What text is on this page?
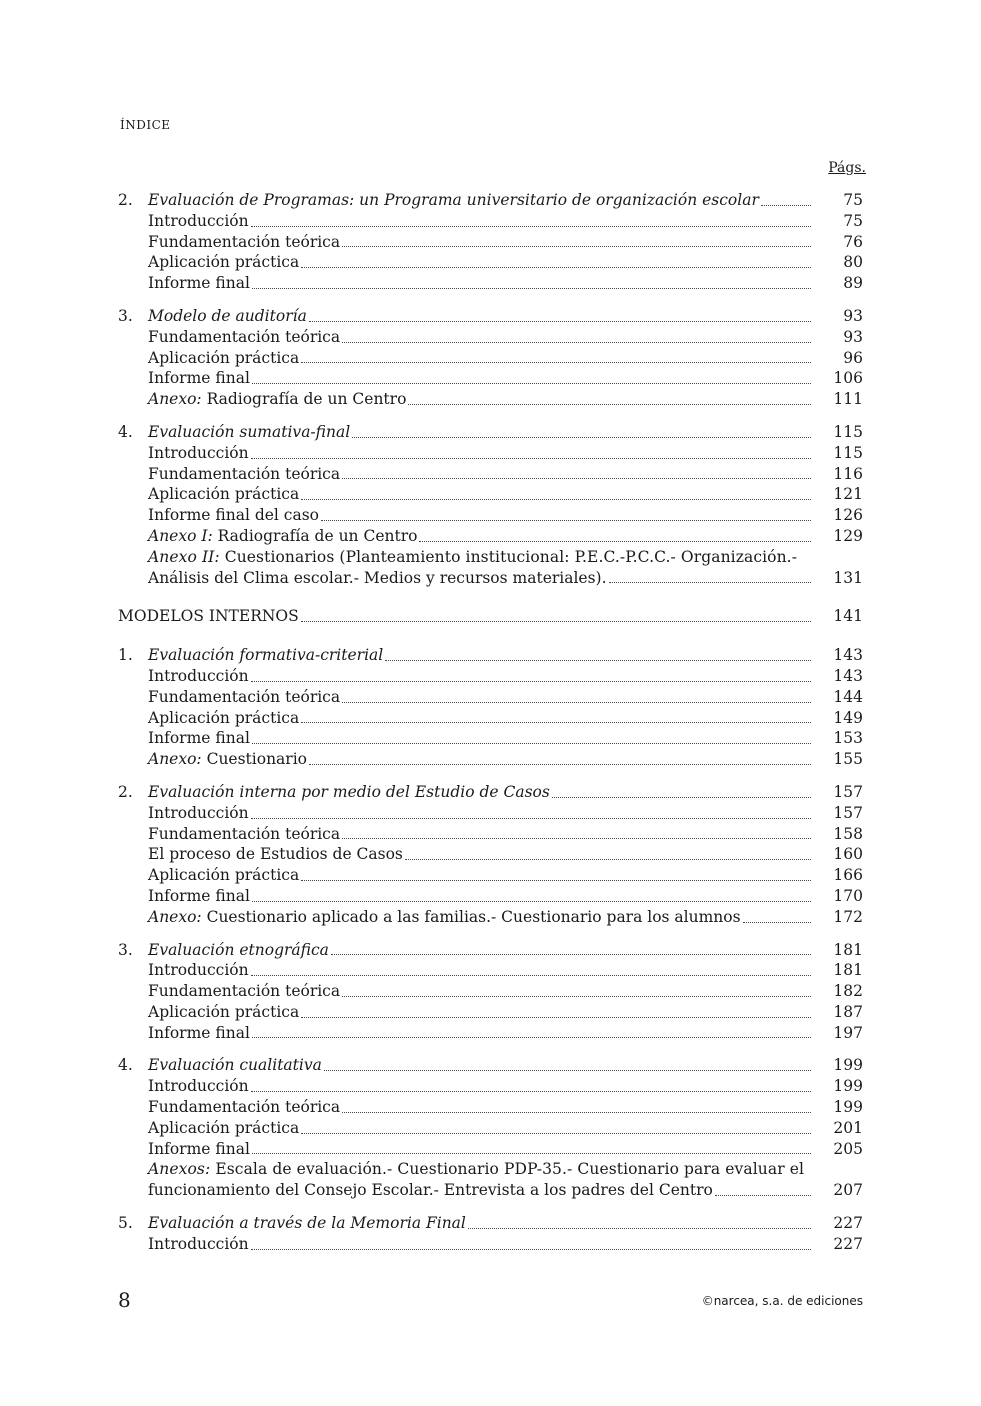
ÍNDICE
Págs.
2. Evaluación de Programas: un Programa universitario de organización escolar	75
Introducción	75
Fundamentación teórica	76
Aplicación práctica	80
Informe final	89
3. Modelo de auditoría	93
Fundamentación teórica	93
Aplicación práctica	96
Informe final	106
Anexo: Radiografía de un Centro	111
4. Evaluación sumativa-final	115
Introducción	115
Fundamentación teórica	116
Aplicación práctica	121
Informe final del caso	126
Anexo I: Radiografía de un Centro	129
Anexo II: Cuestionarios (Planteamiento institucional: P.E.C.-P.C.C.- Organización.-
Análisis del Clima escolar.- Medios y recursos materiales).	131
MODELOS INTERNOS	141
1. Evaluación formativa-criterial	143
Introducción	143
Fundamentación teórica	144
Aplicación práctica	149
Informe final	153
Anexo: Cuestionario	155
2. Evaluación interna por medio del Estudio de Casos	157
Introducción	157
Fundamentación teórica	158
El proceso de Estudios de Casos	160
Aplicación práctica	166
Informe final	170
Anexo: Cuestionario aplicado a las familias.- Cuestionario para los alumnos	172
3. Evaluación etnográfica	181
Introducción	181
Fundamentación teórica	182
Aplicación práctica	187
Informe final	197
4. Evaluación cualitativa	199
Introducción	199
Fundamentación teórica	199
Aplicación práctica	201
Informe final	205
Anexos: Escala de evaluación.- Cuestionario PDP-35.- Cuestionario para evaluar el
funcionamiento del Consejo Escolar.- Entrevista a los padres del Centro	207
5. Evaluación a través de la Memoria Final	227
Introducción	227
8	©narcea, s.a. de ediciones
